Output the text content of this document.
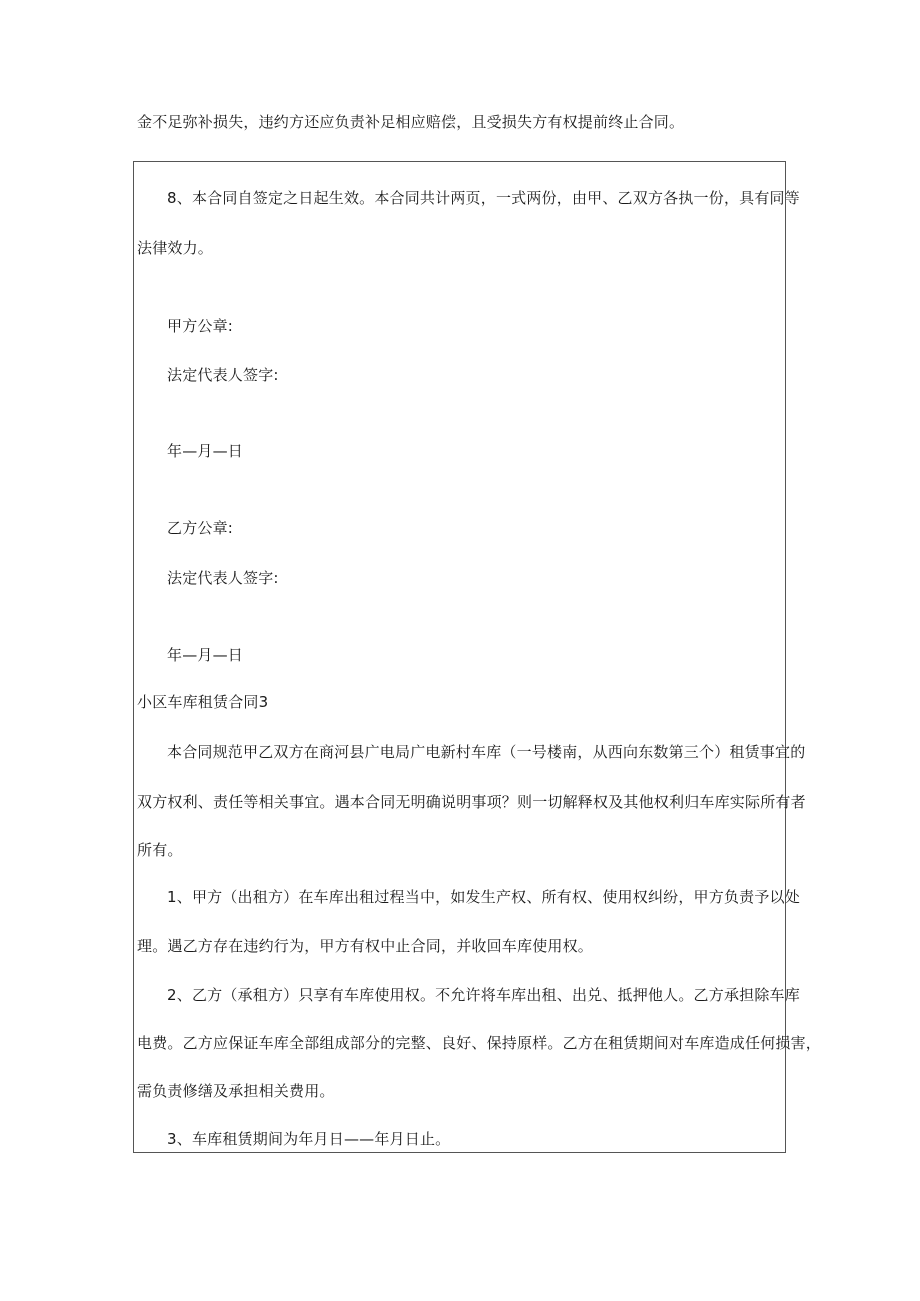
金不足弥补损失，违约方还应负责补足相应赔偿，且受损失方有权提前终止合同。
8、本合同自签定之日起生效。本合同共计两页，一式两份，由甲、乙双方各执一份，具有同等
法律效力。
甲方公章:
法定代表人签字:
年—月—日
乙方公章:
法定代表人签字:
年—月—日
小区车库租赁合同3
本合同规范甲乙双方在商河县广电局广电新村车库（一号楼南，从西向东数第三个）租赁事宜的
双方权利、责任等相关事宜。遇本合同无明确说明事项？则一切解释权及其他权利归车库实际所有者
所有。
1、甲方（出租方）在车库出租过程当中，如发生产权、所有权、使用权纠纷，甲方负责予以处
理。遇乙方存在违约行为，甲方有权中止合同，并收回车库使用权。
2、乙方（承租方）只享有车库使用权。不允许将车库出租、出兑、抵押他人。乙方承担除车库
电费。乙方应保证车库全部组成部分的完整、良好、保持原样。乙方在租赁期间对车库造成任何损害，
需负责修缮及承担相关费用。
3、车库租赁期间为年月日——年月日止。
